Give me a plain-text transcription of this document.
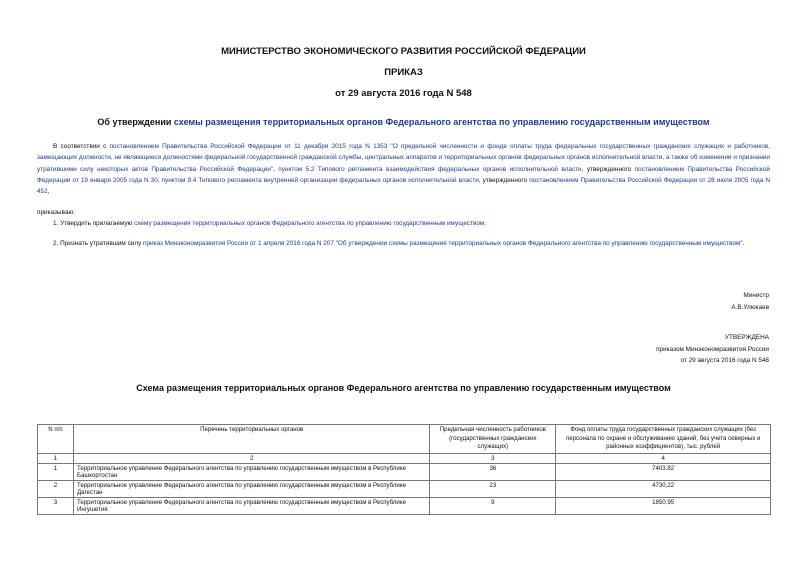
МИНИСТЕРСТВО ЭКОНОМИЧЕСКОГО РАЗВИТИЯ РОССИЙСКОЙ ФЕДЕРАЦИИ
ПРИКАЗ
от 29 августа 2016 года N 548
Об утверждении схемы размещения территориальных органов Федерального агентства по управлению государственным имуществом
В соответствии с постановлением Правительства Российской Федерации от 11 декабря 2015 года N 1353 "О предельной численности и фонде оплаты труда федеральных государственных гражданских служащих и работников, замещающих должности, не являющиеся должностями федеральной государственной гражданской службы, центральных аппаратов и территориальных органов федеральных органов исполнительной власти, а также об изменении и признании утратившими силу некоторых актов Правительства Российской Федерации", пунктом 5.2 Типового регламента взаимодействия федеральных органов исполнительной власти, утвержденного постановлением Правительства Российской Федерации от 19 января 2005 года N 30, пунктом 9.4 Типового регламента внутренней организации федеральных органов исполнительной власти, утвержденного постановлением Правительства Российской Федерации от 28 июля 2005 года N 452,
приказываю:
1. Утвердить прилагаемую схему размещения территориальных органов Федерального агентства по управлению государственным имуществом.
2. Признать утратившим силу приказ Минэкономразвития России от 1 апреля 2016 года N 207 "Об утверждении схемы размещения территориальных органов Федерального агентства по управлению государственным имуществом".
Министр
А.В.Улюкаев
УТВЕРЖДЕНА
приказом Минэкономразвития России
от 29 августа 2016 года N 548
Схема размещения территориальных органов Федерального агентства по управлению государственным имуществом
N п/п	Перечень территориальных органов	Предельная численность работников (государственных гражданских служащих)	Фонд оплаты труда государственных гражданских служащих (без персонала по охране и обслуживанию зданий, без учета северных и районных коэффициентов), тыс. рублей
1	2	3	4
1	Территориальное управление Федерального агентства по управлению государственным имуществом в Республике Башкортостан	36	7403,82
2	Территориальное управление Федерального агентства по управлению государственным имуществом в Республике Дагестан	23	4730,22
3	Территориальное управление Федерального агентства по управлению государственным имуществом в Республике Ингушетия	9	1850,95
